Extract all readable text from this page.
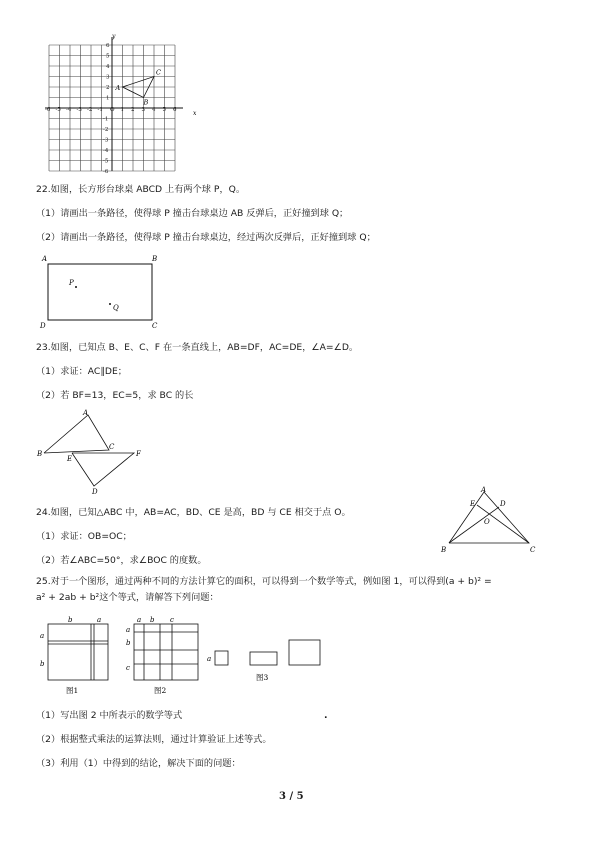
-6 -5 -4 -3 -2 -1 O 1 2 3 4 5 6
6
5
4
3
2
1
-1
-2
-3
-4
-5
-6
y
x
A
B
C
22.如图，长方形台球桌 ABCD 上有两个球 P，Q。
（1）请画出一条路径，使得球 P 撞击台球桌边 AB 反弹后，正好撞到球 Q；
（2）请画出一条路径，使得球 P 撞击台球桌边，经过两次反弹后，正好撞到球 Q；
A	B
C
D
P
Q
23.如图，已知点 B、E、C、F 在一条直线上，AB=DF，AC=DE，∠A=∠D。
（1）求证：AC∥DE；
（2）若 BF=13，EC=5，求 BC 的长
A
B
C
E
F
D
24.如图，已知△ABC 中，AB=AC，BD、CE 是高，BD 与 CE 相交于点 O。
（1）求证：OB=OC；
（2）若∠ABC=50°，求∠BOC 的度数。
A
E	D
O
B	C
25.对于一个图形，通过两种不同的方法计算它的面积，可以得到一个数学等式，例如图 1，可以得到(a + b)² =
a² + 2ab + b²这个等式，请解答下列问题：
b	a
a
b
图1
a b c
a
b
c
图2
a
图3
（1）写出图 2 中所表示的数学等式	.
（2）根据整式乘法的运算法则，通过计算验证上述等式。
（3）利用（1）中得到的结论，解决下面的问题：
3 / 5
